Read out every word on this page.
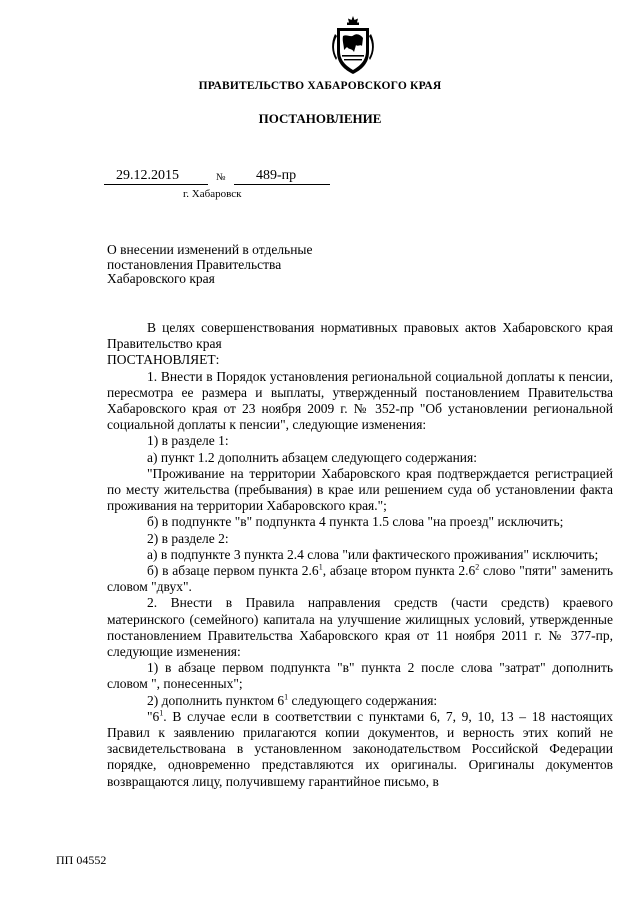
ПРАВИТЕЛЬСТВО ХАБАРОВСКОГО КРАЯ
ПОСТАНОВЛЕНИЕ
29.12.2015	№ 489-пр
г. Хабаровск

О внесении изменений в отдельные постановления Правительства Хабаровского края

В целях совершенствования нормативных правовых актов Хабаровского края Правительство края

ПОСТАНОВЛЯЕТ:

1. Внести в Порядок установления региональной социальной доплаты к пенсии, пересмотра ее размера и выплаты, утвержденный постановлением Правительства Хабаровского края от 23 ноября 2009 г. № 352-пр "Об установлении региональной социальной доплаты к пенсии", следующие изменения:

1) в разделе 1:

а) пункт 1.2 дополнить абзацем следующего содержания:

"Проживание на территории Хабаровского края подтверждается регистрацией по месту жительства (пребывания) в крае или решением суда об установлении факта проживания на территории Хабаровского края.";

б) в подпункте "в" подпункта 4 пункта 1.5 слова "на проезд" исключить;

2) в разделе 2:

а) в подпункте 3 пункта 2.4 слова "или фактического проживания" исключить;

б) в абзаце первом пункта $2.6^1$, абзаце втором пункта $2.6^2$ слово "пяти" заменить словом "двух".

2. Внести в Правила направления средств (части средств) краевого материнского (семейного) капитала на улучшение жилищных условий, утвержденные постановлением Правительства Хабаровского края от 11 ноября 2011 г. № 377-пр, следующие изменения:

1) в абзаце первом подпункта "в" пункта 2 после слова "затрат" дополнить словом ", понесенных";

2) дополнить пунктом $6^1$ следующего содержания:

"$6^1$. В случае если в соответствии с пунктами 6, 7, 9, 10, 13 – 18 настоящих Правил к заявлению прилагаются копии документов, и верность этих копий не засвидетельствована в установленном законодательством Российской Федерации порядке, одновременно представляются их оригиналы. Оригиналы документов возвращаются лицу, получившему гарантийное письмо, в

ПП 04552
